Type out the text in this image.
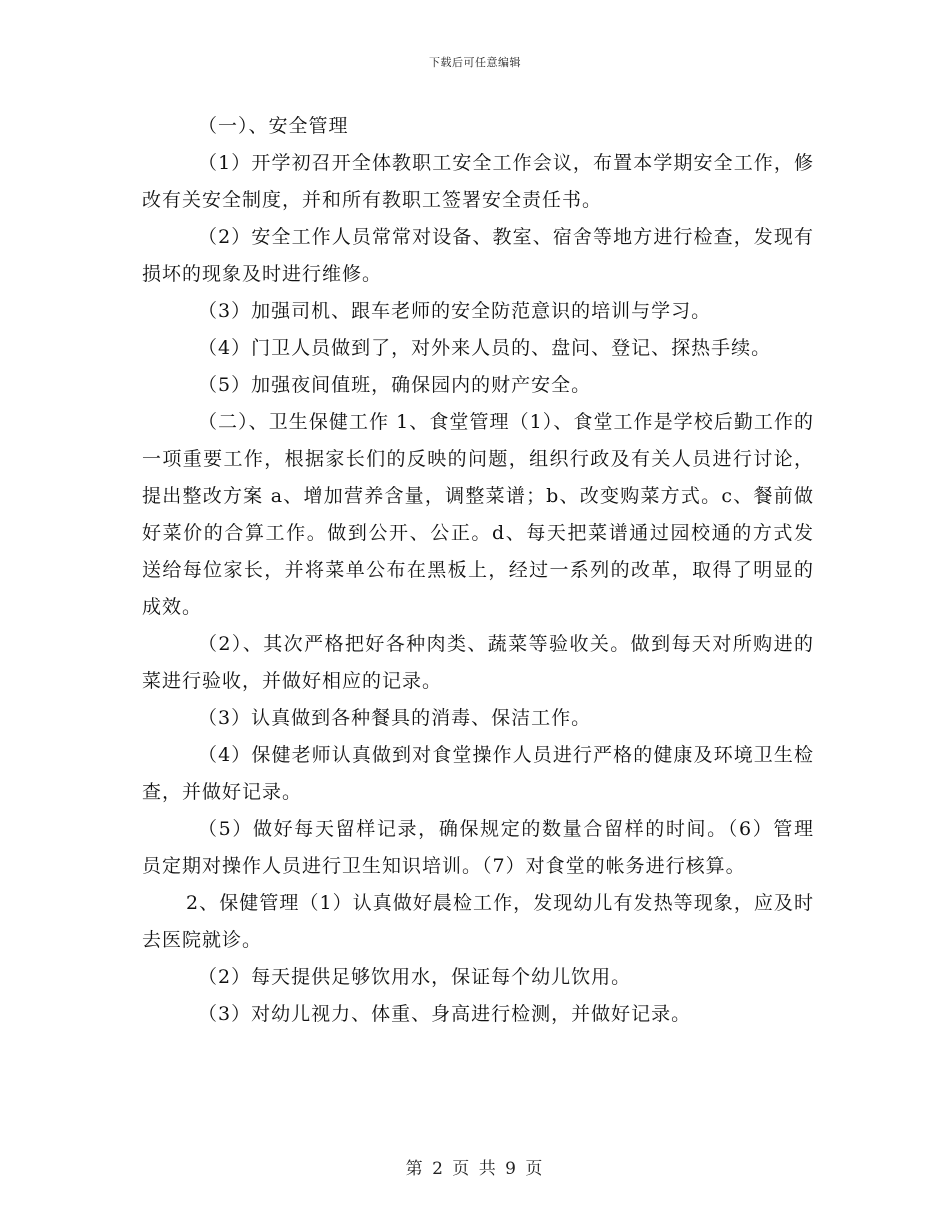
下载后可任意编辑

（一）、安全管理

（1）开学初召开全体教职工安全工作会议，布置本学期安全工作，修改有关安全制度，并和所有教职工签署安全责任书。

（2）安全工作人员常常对设备、教室、宿舍等地方进行检查，发现有损坏的现象及时进行维修。

（3）加强司机、跟车老师的安全防范意识的培训与学习。

（4）门卫人员做到了，对外来人员的、盘问、登记、探热手续。

（5）加强夜间值班，确保园内的财产安全。

（二）、卫生保健工作 1、食堂管理（1）、食堂工作是学校后勤工作的一项重要工作，根据家长们的反映的问题，组织行政及有关人员进行讨论，提出整改方案 a、增加营养含量，调整菜谱；b、改变购菜方式。c、餐前做好菜价的合算工作。做到公开、公正。d、每天把菜谱通过园校通的方式发送给每位家长，并将菜单公布在黑板上，经过一系列的改革，取得了明显的成效。

（2）、其次严格把好各种肉类、蔬菜等验收关。做到每天对所购进的菜进行验收，并做好相应的记录。

（3）认真做到各种餐具的消毒、保洁工作。

（4）保健老师认真做到对食堂操作人员进行严格的健康及环境卫生检查，并做好记录。

（5）做好每天留样记录，确保规定的数量合留样的时间。（6）管理员定期对操作人员进行卫生知识培训。（7）对食堂的帐务进行核算。

2、保健管理（1）认真做好晨检工作，发现幼儿有发热等现象，应及时去医院就诊。

（2）每天提供足够饮用水，保证每个幼儿饮用。

（3）对幼儿视力、体重、身高进行检测，并做好记录。

第 2 页 共 9 页
